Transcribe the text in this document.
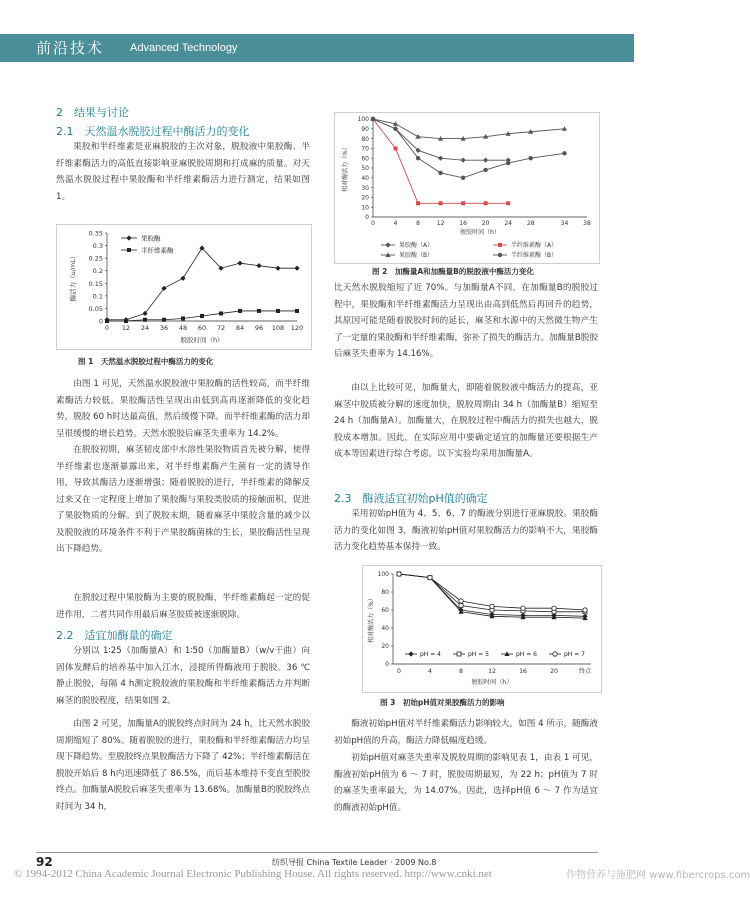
前沿技术 Advanced Technology
2　结果与讨论
2.1　天然温水脱胶过程中酶活力的变化

果胶和半纤维素是亚麻脱胶的主次对象，脱胶液中果胶酶、半纤维素酶活力的高低直接影响亚麻脱胶周期和打成麻的质量。对天然温水脱胶过程中果胶酶和半纤维素酶活力进行测定，结果如图 1。

0
0.05
0.1
0.15
0.2
0.25
0.3
0.35
0 12 24 36 48 60 72 84 96 108 120
脱胶时间（h）
酶活力（u/mL）
果胶酶
半纤维素酶
图 1　天然温水脱胶过程中酶活力的变化

由图 1 可见，天然温水脱胶液中果胶酶的活性较高，而半纤维素酶活力较低。果胶酶活性呈现出由低到高再逐渐降低的变化趋势，脱胶 60 h时达最高值，然后缓慢下降。而半纤维素酶的活力却呈很缓慢的增长趋势。天然水脱胶后麻茎失重率为 14.2%。

在脱胶初期，麻茎韧皮部中水溶性果胶物质首先被分解，使得半纤维素也逐渐暴露出来，对半纤维素酶产生菌有一定的诱导作用，导致其酶活力逐渐增强；随着脱胶的进行，半纤维素的降解反过来又在一定程度上增加了果胶酶与果胶类胶质的接触面积，促进了果胶物质的分解。到了脱胶末期，随着麻茎中果胶含量的减少以及脱胶液的环境条件不利于产果胶酶菌株的生长，果胶酶活性呈现出下降趋势。

在脱胶过程中果胶酶为主要的脱胶酶，半纤维素酶起一定的促进作用，二者共同作用最后麻茎胶质被逐渐脱除。

2.2　适宜加酶量的确定

分别以 1∶25（加酶量A）和 1∶50（加酶量B）（w/v干曲）向固体发酵后的培养基中加入江水，浸提所得酶液用于脱胶。36 ℃静止脱胶，每隔 4 h测定脱胶液的果胶酶和半纤维素酶活力并判断麻茎的脱胶程度，结果如图 2。

由图 2 可见，加酶量A的脱胶终点时间为 24 h，比天然水脱胶周期缩短了 80%。随着脱胶的进行，果胶酶和半纤维素酶活力均呈现下降趋势。至脱胶终点果胶酶活力下降了 42%；半纤维素酶活在脱胶开始后 8 h内迅速降低了 86.5%，而后基本维持不变直至脱胶终点。加酶量A脱胶后麻茎失重率为 13.68%。加酶量B的脱胶终点时间为 34 h，

0
10
20
30
40
50
60
70
80
90
100
0	4	8	12 16 20 24 28	34 38
脱胶时间（h）
相对酶活力（%）
果胶酶（A）	半纤维素酶（A）
果胶酶（B）	半纤维素酶（B）
图 2　加酶量A和加酶量B的脱胶液中酶活力变化

比天然水脱胶缩短了近 70%。与加酶量A不同，在加酶量B的脱胶过程中，果胶酶和半纤维素酶活力呈现出由高到低然后再回升的趋势，其原因可能是随着脱胶时间的延长，麻茎和水源中的天然微生物产生了一定量的果胶酶和半纤维素酶，弥补了损失的酶活力。加酶量B脱胶后麻茎失重率为 14.16%。

由以上比较可见，加酶量大，即随着脱胶液中酶活力的提高，亚麻茎中胶质被分解的速度加快，脱胶周期由 34 h（加酶量B）缩短至 24 h（加酶量A）。加酶量大，在脱胶过程中酶活力的损失也越大，脱胶成本增加。因此，在实际应用中要确定适宜的加酶量还要根据生产成本等因素进行综合考虑。以下实验均采用加酶量A。

2.3　酶液适宜初始pH值的确定

采用初始pH值为 4、5、6、7 的酶液分别进行亚麻脱胶。果胶酶活力的变化如图 3，酶液初始pH值对果胶酶活力的影响不大，果胶酶活力变化趋势基本保持一致。

0
20
40
60
80
100
0	4	8	12	16	20	终点
脱胶时间（h）
相对酶活力（%）
pH = 4	pH = 5	pH = 6	pH = 7
图 3　初始pH值对果胶酶活力的影响

酶液初始pH值对半纤维素酶活力影响较大，如图 4 所示，随酶液初始pH值的升高，酶活力降低幅度趋缓。

初始pH值对麻茎失重率及脱胶周期的影响见表 1，由表 1 可见，酶液初始pH值为 6 ～ 7 时，脱胶周期最短，为 22 h；pH值为 7 时的麻茎失重率最大，为 14.07%。因此，选择pH值 6 ～ 7 作为适宜的酶液初始pH值。

92	纺织导报 China Textile Leader · 2009 No.8
© 1994-2012 China Academic Journal Electronic Publishing House. All rights reserved. http://www.cnki.net	作物营养与施肥网 www.fibercrops.com
